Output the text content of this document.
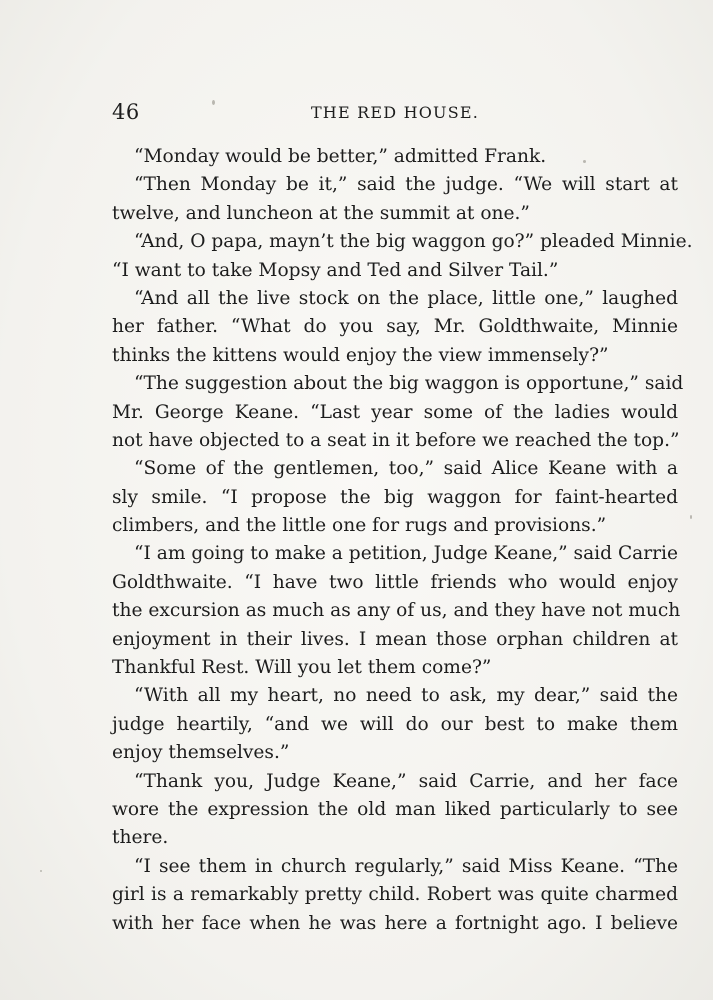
46	THE RED HOUSE.
“Monday would be better,” admitted Frank.
“Then Monday be it,” said the judge. “We will start at
twelve, and luncheon at the summit at one.”
“And, O papa, mayn’t the big waggon go?” pleaded Minnie.
“I want to take Mopsy and Ted and Silver Tail.”
“And all the live stock on the place, little one,” laughed
her father. “What do you say, Mr. Goldthwaite, Minnie
thinks the kittens would enjoy the view immensely?”
“The suggestion about the big waggon is opportune,” said
Mr. George Keane. “Last year some of the ladies would
not have objected to a seat in it before we reached the top.”
“Some of the gentlemen, too,” said Alice Keane with a
sly smile. “I propose the big waggon for faint-hearted
climbers, and the little one for rugs and provisions.”
“I am going to make a petition, Judge Keane,” said Carrie
Goldthwaite. “I have two little friends who would enjoy
the excursion as much as any of us, and they have not much
enjoyment in their lives. I mean those orphan children at
Thankful Rest. Will you let them come?”
“With all my heart, no need to ask, my dear,” said the
judge heartily, “and we will do our best to make them
enjoy themselves.”
“Thank you, Judge Keane,” said Carrie, and her face
wore the expression the old man liked particularly to see
there.
“I see them in church regularly,” said Miss Keane. “The
girl is a remarkably pretty child. Robert was quite charmed
with her face when he was here a fortnight ago. I believe
